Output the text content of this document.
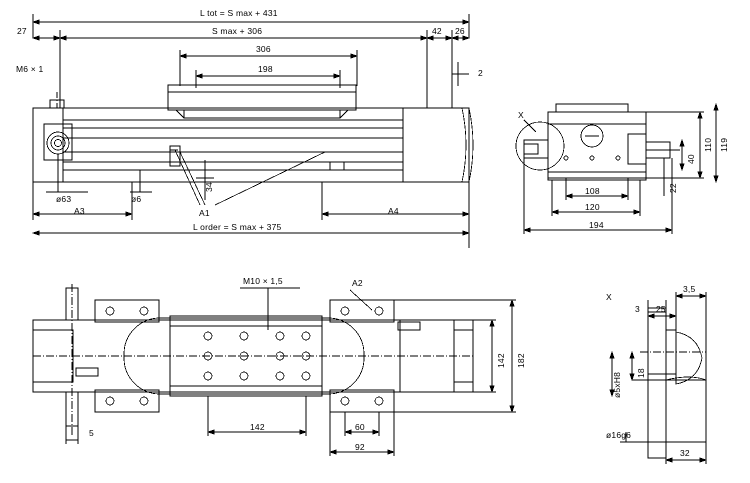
L tot = S max + 431
S max + 306
27	42 26
306
198	2
M6 × 1
ø63	ø6
34
A1
A3	A4
L order = S max + 375
X
110 119
40
22
108
120
194
M10 × 1,5	A2
142 182
5
142	60
92
X
3,5
3 25
18
ø5xH8
ø16g6
32
